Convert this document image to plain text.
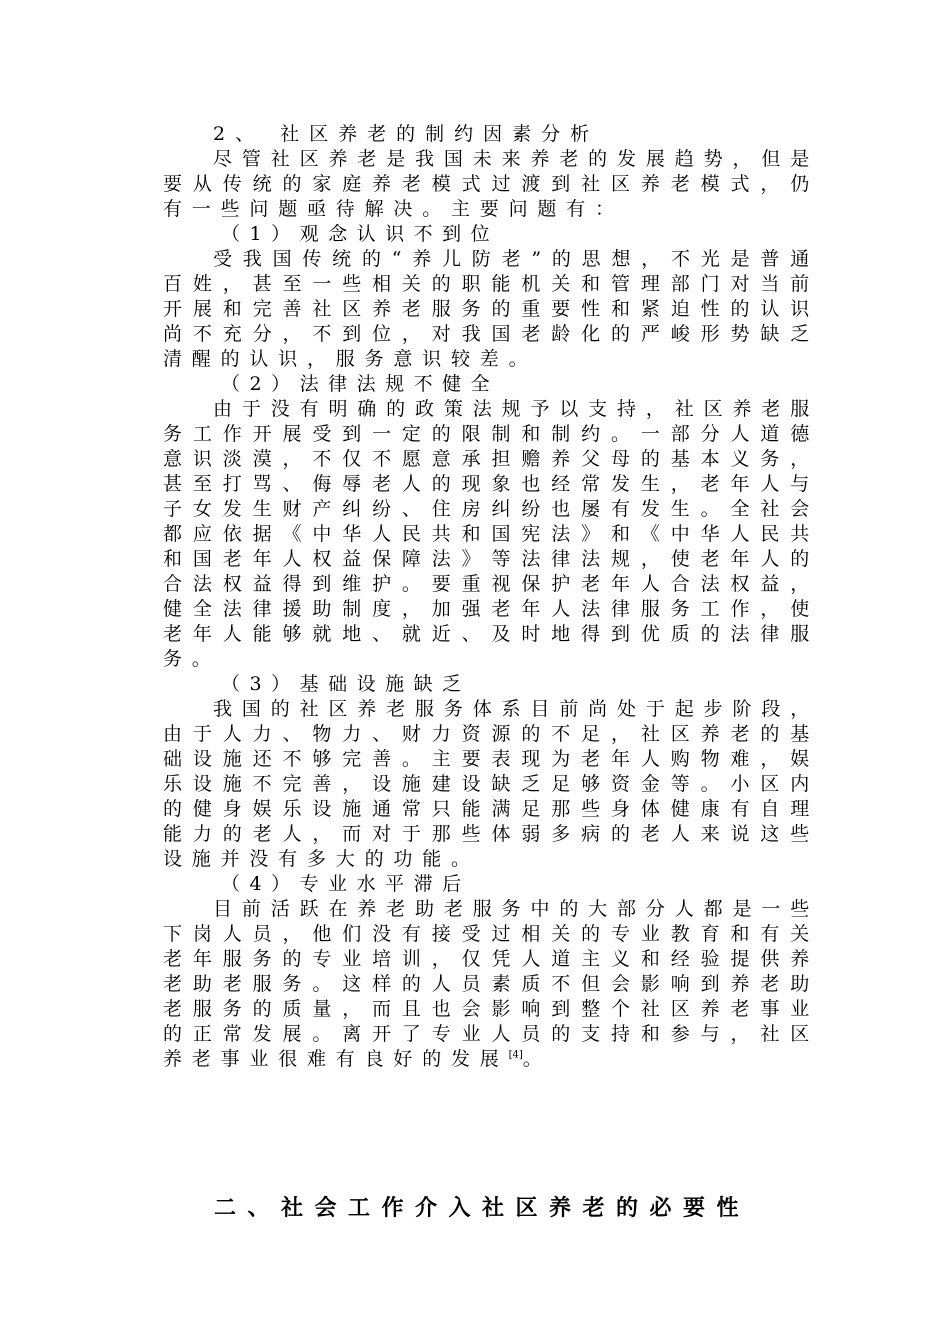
2、 社区养老的制约因素分析

尽管社区养老是我国未来养老的发展趋势，但是要从传统的家庭养老模式过渡到社区养老模式，仍有一些问题亟待解决。主要问题有：

（1）观念认识不到位

受我国传统的“养儿防老”的思想，不光是普通百姓，甚至一些相关的职能机关和管理部门对当前开展和完善社区养老服务的重要性和紧迫性的认识尚不充分，不到位，对我国老龄化的严峻形势缺乏清醒的认识，服务意识较差。

（2）法律法规不健全

由于没有明确的政策法规予以支持，社区养老服务工作开展受到一定的限制和制约。一部分人道德意识淡漠，不仅不愿意承担赡养父母的基本义务，甚至打骂、侮辱老人的现象也经常发生，老年人与子女发生财产纠纷、住房纠纷也屡有发生。全社会都应依据《中华人民共和国宪法》和《中华人民共和国老年人权益保障法》等法律法规，使老年人的合法权益得到维护。要重视保护老年人合法权益，健全法律援助制度，加强老年人法律服务工作，使老年人能够就地、就近、及时地得到优质的法律服务。

（3）基础设施缺乏

我国的社区养老服务体系目前尚处于起步阶段，由于人力、物力、财力资源的不足，社区养老的基础设施还不够完善。主要表现为老年人购物难，娱乐设施不完善，设施建设缺乏足够资金等。小区内的健身娱乐设施通常只能满足那些身体健康有自理能力的老人，而对于那些体弱多病的老人来说这些设施并没有多大的功能。

（4）专业水平滞后

目前活跃在养老助老服务中的大部分人都是一些下岗人员，他们没有接受过相关的专业教育和有关老年服务的专业培训，仅凭人道主义和经验提供养老助老服务。这样的人员素质不但会影响到养老助老服务的质量，而且也会影响到整个社区养老事业的正常发展。离开了专业人员的支持和参与，社区养老事业很难有良好的发展[4]。

二、社会工作介入社区养老的必要性
